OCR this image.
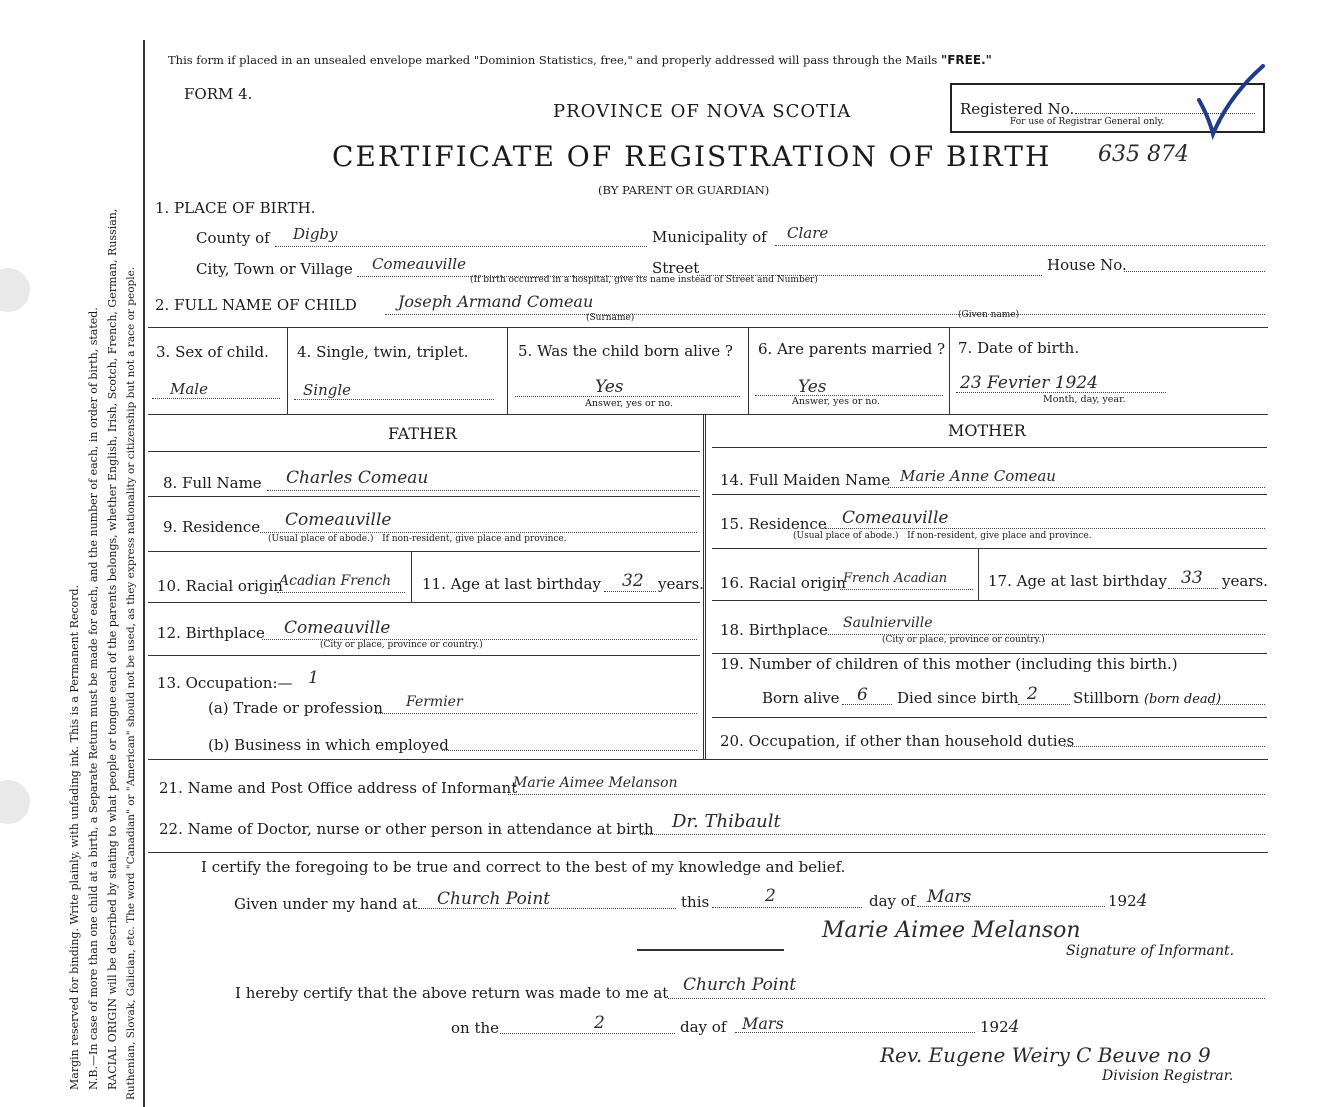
Margin reserved for binding. Write plainly, with unfading ink. This is a Permanent Record. N.B.—In case of more than one child at a birth, a Separate Return must be made for each, and the number of each, in order of birth, stated. RACIAL ORIGIN will be described by stating to what people or tongue each of the parents belongs, whether English, Irish, Scotch, French, German, Russian, Ruthenian, Slovak, Galician, etc. The word "Canadian" or "American" should not be used, as they express nationality or citizenship but not a race or people.
This form if placed in an unsealed envelope marked "Dominion Statistics, free," and properly addressed will pass through the Mails "FREE."
FORM 4.
PROVINCE OF NOVA SCOTIA	Registered No.
For use of Registrar General only.
CERTIFICATE OF REGISTRATION OF BIRTH 635 874
(BY PARENT OR GUARDIAN)
1. PLACE OF BIRTH.
County of Digby	Municipality of Clare
City, Town or Village Comeauville	Street	House No.
(If birth occurred in a hospital, give its name instead of Street and Number)
2. FULL NAME OF CHILD	Joseph Armand Comeau
(Surname)	(Given name)
3. Sex of child.
Male
4. Single, twin, triplet.
Single
5. Was the child born alive ?
Yes
Answer, yes or no.
6. Are parents married ?
Yes
Answer, yes or no.
7. Date of birth.
23 Fevrier 1924
Month, day, year.
FATHER	MOTHER
8. Full Name Charles Comeau
9. Residence Comeauville
(Usual place of abode.) If non-resident, give place and province.
10. Racial origin
Acadian French 11. Age at last birthday 32 years.
12. Birthplace Comeauville
(City or place, province or country.)
13. Occupation:— 1
(a) Trade or profession Fermier
(b) Business in which employed
14. Full Maiden Name Marie Anne Comeau
15. Residence Comeauville
(Usual place of abode.) If non-resident, give place and province.
16. Racial origin
French Acadian	17. Age at last birthday 33 years.
18. Birthplace Saulnierville
(City or place, province or country.)
19. Number of children of this mother (including this birth.)
Born alive 6 Died since birth 2 Stillborn (born dead)
20. Occupation, if other than household duties
21. Name and Post Office address of Informant
Marie Aimee Melanson
22. Name of Doctor, nurse or other person in attendance at birth Dr. Thibault
I certify the foregoing to be true and correct to the best of my knowledge and belief.
Given under my hand at Church Point	this	2	day of Mars	1924
Marie Aimee Melanson
Signature of Informant.
I hereby certify that the above return was made to me at Church Point
on the	2	day of Mars	1924
Rev. Eugene Weiry C Beuve no 9
Division Registrar.
